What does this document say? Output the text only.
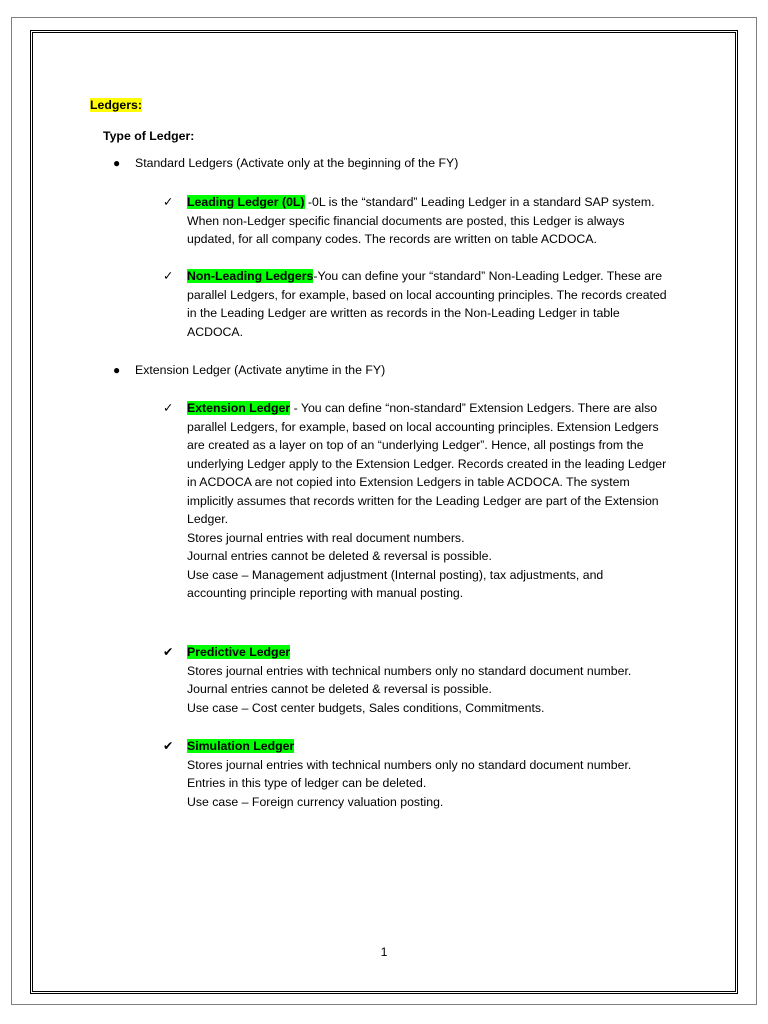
Ledgers:
Type of Ledger:
● Standard Ledgers (Activate only at the beginning of the FY)
✓	Leading Ledger (0L) -0L is the “standard” Leading Ledger in a standard SAP system.
When non-Ledger specific financial documents are posted, this Ledger is always
updated, for all company codes. The records are written on table ACDOCA.
✓	Non-Leading Ledgers-You can define your “standard” Non-Leading Ledger. These are
parallel Ledgers, for example, based on local accounting principles. The records created
in the Leading Ledger are written as records in the Non-Leading Ledger in table
ACDOCA.
● Extension Ledger (Activate anytime in the FY)
✓	Extension Ledger - You can define “non-standard” Extension Ledgers. There are also
parallel Ledgers, for example, based on local accounting principles. Extension Ledgers
are created as a layer on top of an “underlying Ledger”. Hence, all postings from the
underlying Ledger apply to the Extension Ledger. Records created in the leading Ledger
in ACDOCA are not copied into Extension Ledgers in table ACDOCA. The system
implicitly assumes that records written for the Leading Ledger are part of the Extension
Ledger.
Stores journal entries with real document numbers.
Journal entries cannot be deleted & reversal is possible.
Use case – Management adjustment (Internal posting), tax adjustments, and
accounting principle reporting with manual posting.
✔	Predictive Ledger
Stores journal entries with technical numbers only no standard document number.
Journal entries cannot be deleted & reversal is possible.
Use case – Cost center budgets, Sales conditions, Commitments.
✔	Simulation Ledger
Stores journal entries with technical numbers only no standard document number.
Entries in this type of ledger can be deleted.
Use case – Foreign currency valuation posting.
1
